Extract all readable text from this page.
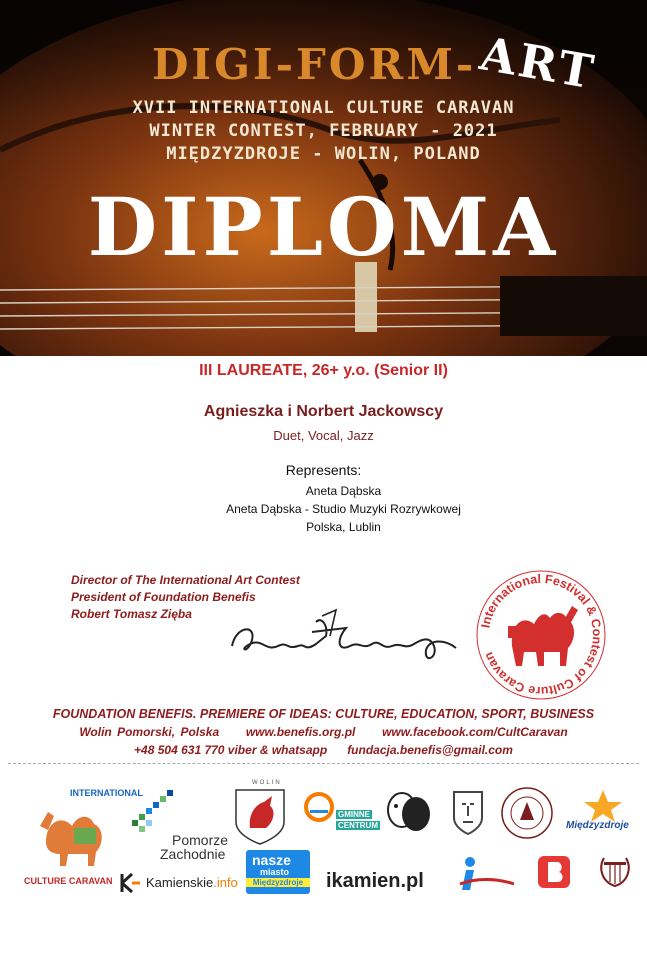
DIGI-FORM-ART
XVII INTERNATIONAL CULTURE CARAVAN
WINTER CONTEST, FEBRUARY - 2021
MIĘDZYZDROJE - WOLIN, POLAND
DIPLOMA
III LAUREATE, 26+ y.o. (Senior II)
Agnieszka i Norbert Jackowscy
Duet, Vocal, Jazz
Represents:
Aneta Dąbska
Aneta Dąbska - Studio Muzyki Rozrywkowej
Polska, Lublin
Director of The International Art Contest
President of Foundation Benefis
Robert Tomasz Zięba
International Festival & Contest of Culture Caravan
FOUNDATION BENEFIS. PREMIERE OF IDEAS: CULTURE, EDUCATION, SPORT, BUSINESS
Wolin Pomorski, Polska www.benefis.org.pl www.facebook.com/CultCaravan
+48 504 631 770 viber & whatsapp fundacja.benefis@gmail.com
INTERNATIONAL
CULTURE CARAVAN
Pomorze
Zachodnie
WOLIN
GMINNE
CENTRUM	Międzyzdroje
Kamienskie.info
nasze
miasto
Międzyzdroje	ikamien.pl
